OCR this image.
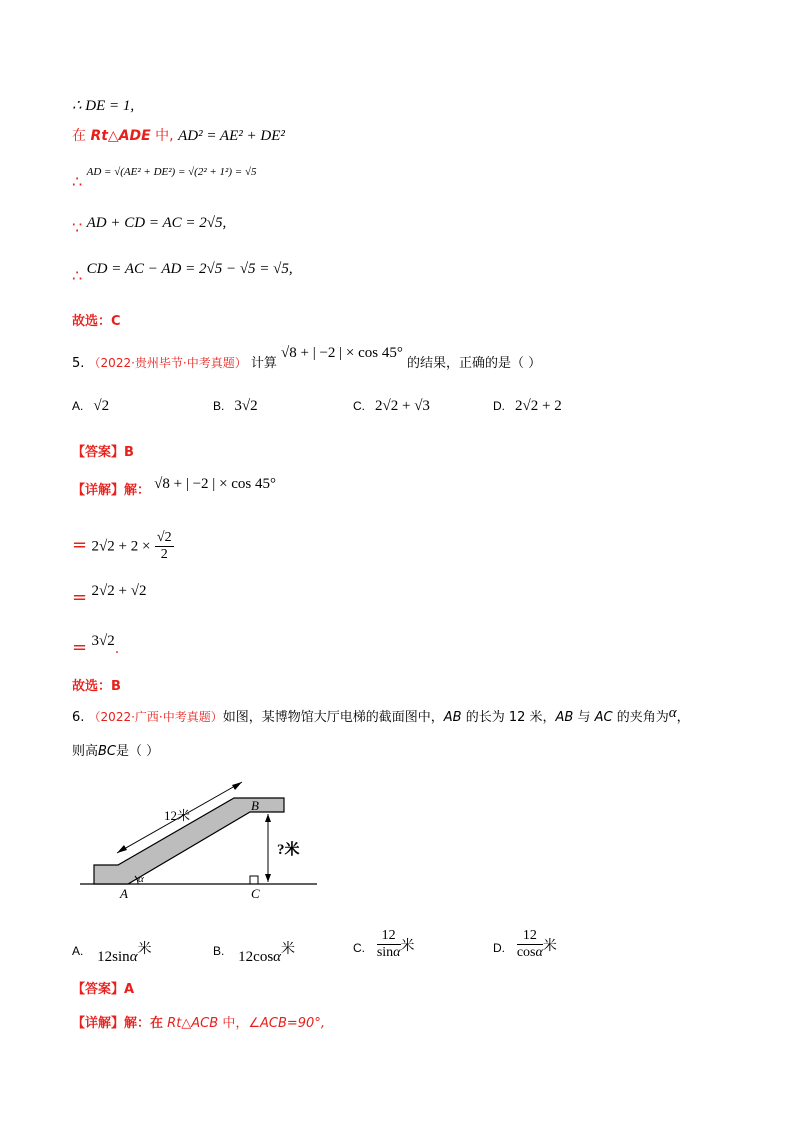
∴ DE = 1,
在 Rt△ADE 中, AD² = AE² + DE²
∴ AD = √(AE² + DE²) = √(2² + 1²) = √5
∵ AD + CD = AC = 2√5,
∴ CD = AC − AD = 2√5 − √5 = √5,
故选：C
5. （2022·贵州毕节·中考真题） 计算 √8 + | −2 | × cos 45° 的结果，正确的是（ ）
A. √2	B. 3√2	C. 2√2 + √3	D. 2√2 + 2
【答案】B
【详解】解： √8 + | −2 | × cos 45°
= $2√2 + 2 \times \frac{√2}{2}$
= 2√2 + √2
= 3√2.
故选：B
6. （2022·广西·中考真题）如图，某博物馆大厅电梯的截面图中，AB 的长为 12 米，AB 与 AC 的夹角为α，
则高BC是（ ）
12米
?米
A
B
C
α
A. 12sinα米	B. 12cosα米	C. $\frac{12}{\sin\alpha}$ 米	D. $\frac{12}{\cos\alpha}$ 米
【答案】A
【详解】解：在 Rt△ACB 中，∠ACB=90°,
